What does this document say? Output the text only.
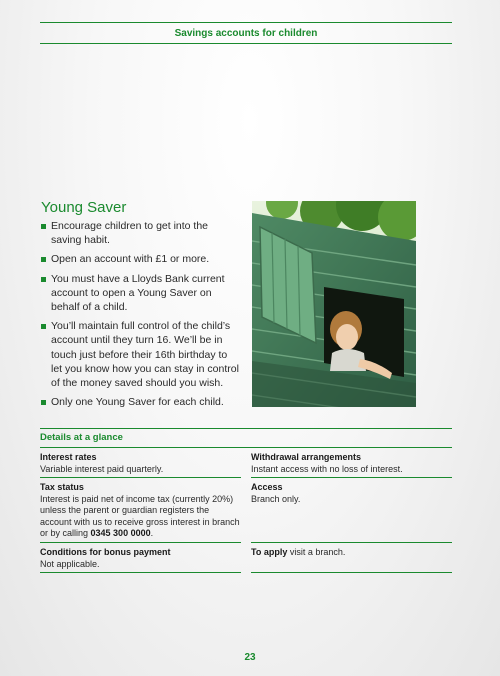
Savings accounts for children
Young Saver
Encourage children to get into the saving habit.
Open an account with £1 or more.
You must have a Lloyds Bank current account to open a Young Saver on behalf of a child.
You’ll maintain full control of the child’s account until they turn 16. We’ll be in touch just before their 16th birthday to let you know how you can stay in control of the money saved should you wish.
Only one Young Saver for each child.
Details at a glance
Interest rates
Variable interest paid quarterly.
Withdrawal arrangements
Instant access with no loss of interest.
Tax status
Interest is paid net of income tax (currently 20%) unless the parent or guardian registers the account with us to receive gross interest in branch or by calling 0345 300 0000.
Access
Branch only.
Conditions for bonus payment
Not applicable.
To apply visit a branch.
23
